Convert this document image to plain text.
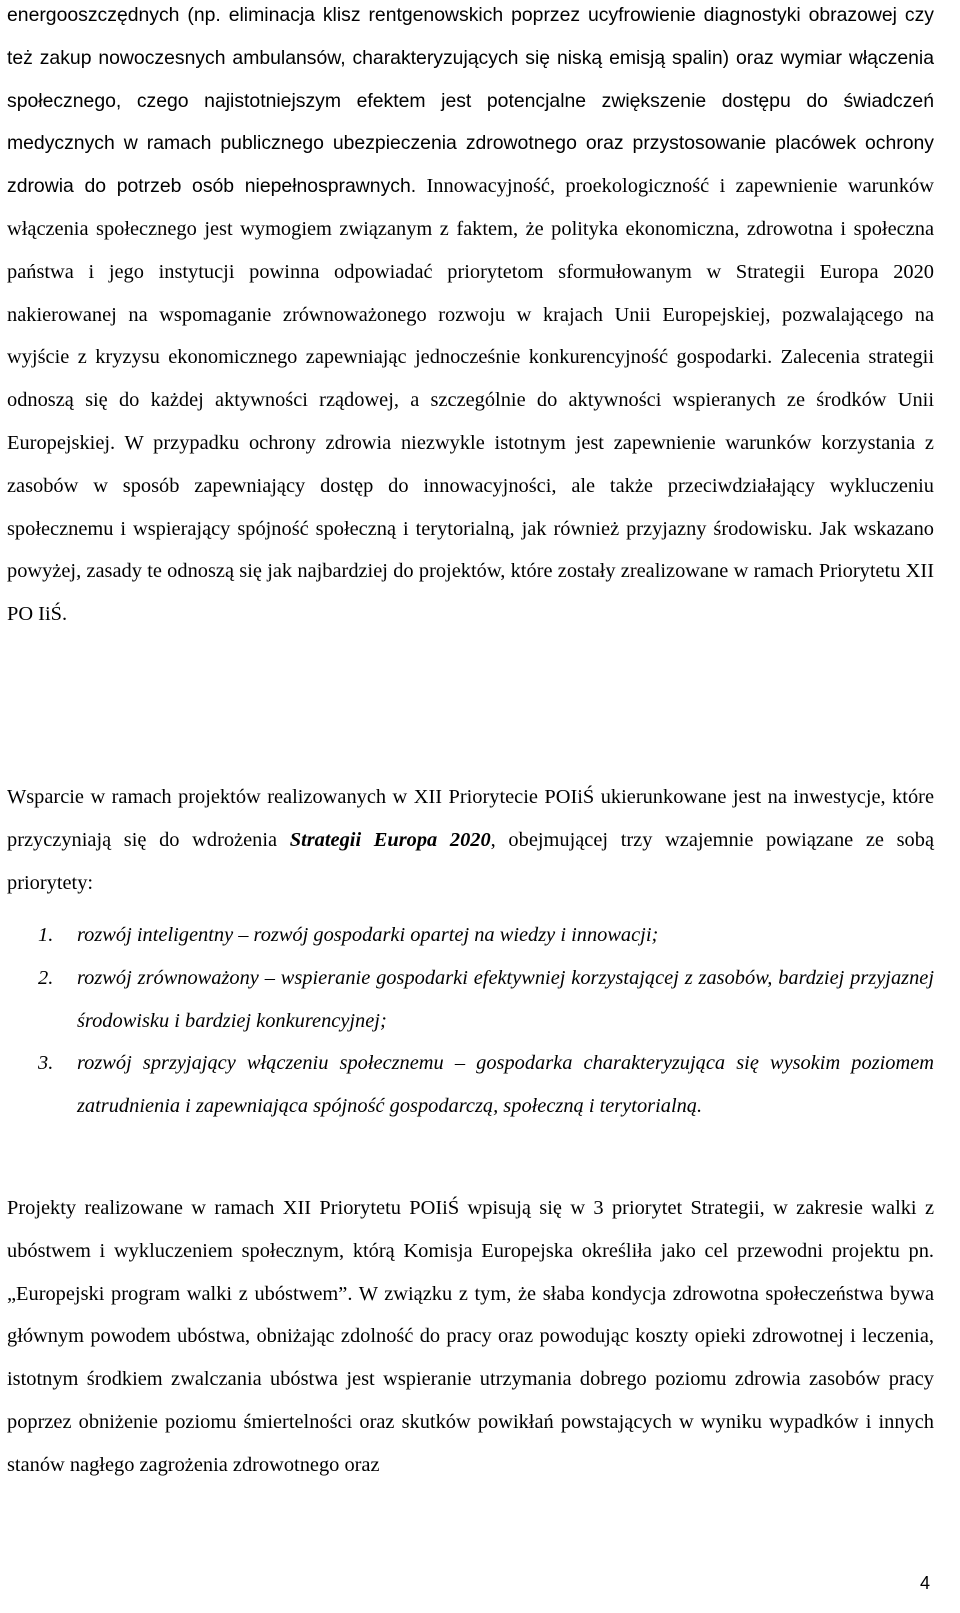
energooszczędnych (np. eliminacja klisz rentgenowskich poprzez ucyfrowienie diagnostyki obrazowej czy też zakup nowoczesnych ambulansów, charakteryzujących się niską emisją spalin) oraz wymiar włączenia społecznego, czego najistotniejszym efektem jest potencjalne zwiększenie dostępu do świadczeń medycznych w ramach publicznego ubezpieczenia zdrowotnego oraz przystosowanie placówek ochrony zdrowia do potrzeb osób niepełnosprawnych. Innowacyjność, proekologiczność i zapewnienie warunków włączenia społecznego jest wymogiem związanym z faktem, że polityka ekonomiczna, zdrowotna i społeczna państwa i jego instytucji powinna odpowiadać priorytetom sformułowanym w Strategii Europa 2020 nakierowanej na wspomaganie zrównoważonego rozwoju w krajach Unii Europejskiej, pozwalającego na wyjście z kryzysu ekonomicznego zapewniając jednocześnie konkurencyjność gospodarki. Zalecenia strategii odnoszą się do każdej aktywności rządowej, a szczególnie do aktywności wspieranych ze środków Unii Europejskiej. W przypadku ochrony zdrowia niezwykle istotnym jest zapewnienie warunków korzystania z zasobów w sposób zapewniający dostęp do innowacyjności, ale także przeciwdziałający wykluczeniu społecznemu i wspierający spójność społeczną i terytorialną, jak również przyjazny środowisku. Jak wskazano powyżej, zasady te odnoszą się jak najbardziej do projektów, które zostały zrealizowane w ramach Priorytetu XII PO IiŚ.

Wsparcie w ramach projektów realizowanych w XII Priorytecie POIiŚ ukierunkowane jest na inwestycje, które przyczyniają się do wdrożenia Strategii Europa 2020, obejmującej trzy wzajemnie powiązane ze sobą priorytety:

1. rozwój inteligentny – rozwój gospodarki opartej na wiedzy i innowacji;
2. rozwój zrównoważony – wspieranie gospodarki efektywniej korzystającej z zasobów, bardziej przyjaznej środowisku i bardziej konkurencyjnej;
3. rozwój sprzyjający włączeniu społecznemu – gospodarka charakteryzująca się wysokim poziomem zatrudnienia i zapewniająca spójność gospodarczą, społeczną i terytorialną.

Projekty realizowane w ramach XII Priorytetu POIiŚ wpisują się w 3 priorytet Strategii, w zakresie walki z ubóstwem i wykluczeniem społecznym, którą Komisja Europejska określiła jako cel przewodni projektu pn. „Europejski program walki z ubóstwem”. W związku z tym, że słaba kondycja zdrowotna społeczeństwa bywa głównym powodem ubóstwa, obniżając zdolność do pracy oraz powodując koszty opieki zdrowotnej i leczenia, istotnym środkiem zwalczania ubóstwa jest wspieranie utrzymania dobrego poziomu zdrowia zasobów pracy poprzez obniżenie poziomu śmiertelności oraz skutków powikłań powstających w wyniku wypadków i innych stanów nagłego zagrożenia zdrowotnego oraz

4
